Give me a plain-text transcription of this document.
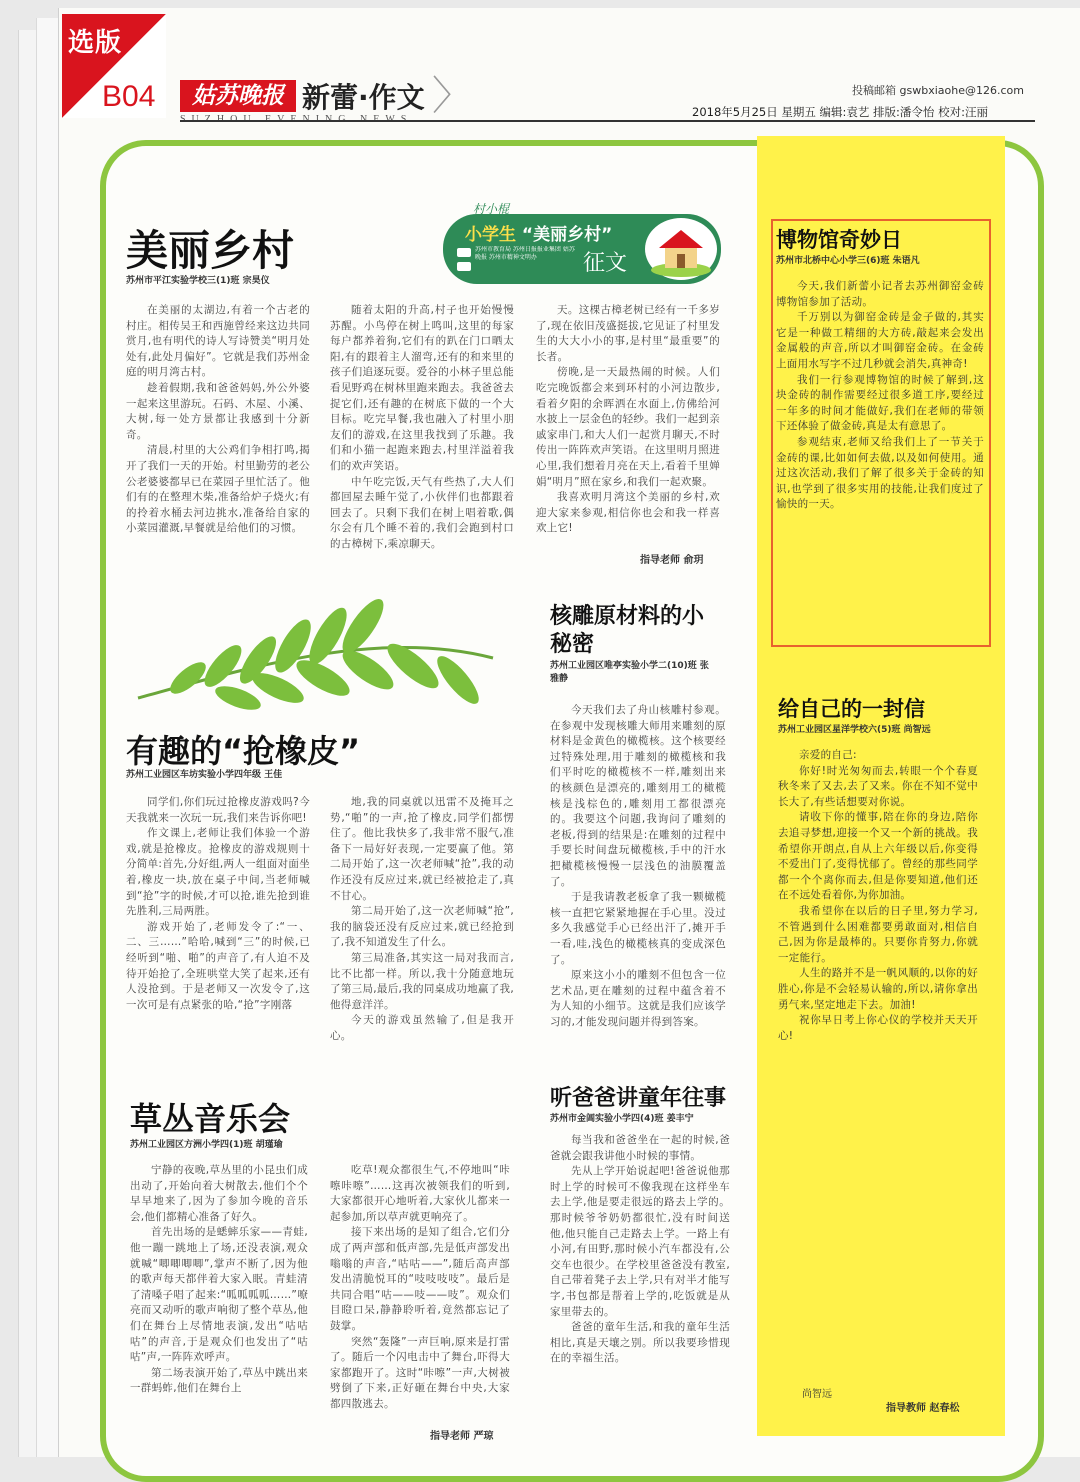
选版
B04	姑苏晚报 新蕾·作文 〉	投稿邮箱 gswbxiaohe@126.com
2018年5月25日 星期五 编辑:袁艺 排版:潘令怡 校对:汪丽
村小棍
小学生 “美丽乡村”
苏州市教育局 苏州日报报业集团 姑苏晚报 苏州市精神文明办	征文
美丽乡村
苏州市平江实验学校三(1)班 宗昊仪

在美丽的太湖边,有着一个古老的村庄。相传吴王和西施曾经来这边共同赏月,也有明代的诗人写诗赞美“明月处处有,此处月偏好”。它就是我们苏州金庭的明月湾古村。

趁着假期,我和爸爸妈妈,外公外婆一起来这里游玩。石码、木屋、小溪、大树,每一处方景都让我感到十分新奇。

清晨,村里的大公鸡们争相打鸣,揭开了我们一天的开始。村里勤劳的老公公老婆婆都早已在菜园子里忙活了。他们有的在整理木柴,准备给炉子烧火;有的拎着水桶去河边挑水,准备给自家的小菜园灌溉,早餐就是给他们的习惯。

随着太阳的升高,村子也开始慢慢苏醒。小鸟停在树上鸣叫,这里的每家每户都养着狗,它们有的趴在门口晒太阳,有的跟着主人溜弯,还有的和来里的孩子们追逐玩耍。爱谷的小林子里总能看见野鸡在树林里跑来跑去。我爸爸去捉它们,还有趣的在树底下做的一个大目标。吃完早餐,我也融入了村里小朋友们的游戏,在这里我找到了乐趣。我们和小猫一起跑来跑去,村里洋溢着我们的欢声笑语。

中午吃完饭,天气有些热了,大人们都回屋去睡午觉了,小伙伴们也都跟着回去了。只剩下我们在树上唱着歌,偶尔会有几个睡不着的,我们会跑到村口的古樟树下,乘凉聊天。

天。这棵古樟老树已经有一千多岁了,现在依旧茂盛挺拔,它见证了村里发生的大大小小的事,是村里“最重要”的长者。

傍晚,是一天最热闹的时候。人们吃完晚饭都会来到环村的小河边散步,看着夕阳的余晖洒在水面上,仿佛给河水披上一层金色的轻纱。我们一起到亲戚家串门,和大人们一起赏月聊天,不时传出一阵阵欢声笑语。在这里明月照进心里,我们想着月亮在天上,看着千里婵娟“明月”照在家乡,和我们一起欢聚。

我喜欢明月湾这个美丽的乡村,欢迎大家来参观,相信你也会和我一样喜欢上它!

指导老师 俞玥
有趣的“抢橡皮”
苏州工业园区车坊实验小学四年级 王佳

同学们,你们玩过抢橡皮游戏吗?今天我就来一次玩一玩,我们来告诉你吧!

作文课上,老师让我们体验一个游戏,就是抢橡皮。抢橡皮的游戏规则十分简单:首先,分好组,两人一组面对面坐着,橡皮一块,放在桌子中间,当老师喊到“抢”字的时候,才可以抢,谁先抢到谁先胜利,三局两胜。

游戏开始了,老师发令了:“一、二、三……”哈哈,喊到“三”的时候,已经听到“啪、啪”的声音了,有人迫不及待开始抢了,全班哄堂大笑了起来,还有人没抢到。于是老师又一次发令了,这一次可是有点紧张的哈,“抢”字刚落

地,我的同桌就以迅雷不及掩耳之势,“啪”的一声,抢了橡皮,同学们都愣住了。他比我快多了,我非常不服气,准备下一局好好表现,一定要赢了他。第二局开始了,这一次老师喊“抢”,我的动作还没有反应过来,就已经被抢走了,真不甘心。

第二局开始了,这一次老师喊“抢”,我的脑袋还没有反应过来,就已经抢到了,我不知道发生了什么。

第三局准备,其实这一局对我而言,比不比都一样。所以,我十分随意地玩了第三局,最后,我的同桌成功地赢了我,他得意洋洋。

今天的游戏虽然输了,但是我开心。

核雕原材料的小秘密
苏州工业园区唯亭实验小学二(10)班 张雅静

今天我们去了舟山核雕村参观。在参观中发现核雕大师用来雕刻的原材料是金黄色的橄榄核。这个核要经过特殊处理,用于雕刻的橄榄核和我们平时吃的橄榄核不一样,雕刻出来的核颜色是漂亮的,雕刻用工的橄榄核是浅棕色的,雕刻用工都很漂亮的。我要这个问题,我询问了雕刻的老板,得到的结果是:在雕刻的过程中手要长时间盘玩橄榄核,手中的汗水把橄榄核慢慢一层浅色的油膜覆盖了。

于是我请教老板拿了我一颗橄榄核一直把它紧紧地握在手心里。没过多久我感觉手心已经出汗了,摊开手一看,哇,浅色的橄榄核真的变成深色了。

原来这小小的雕刻不但包含一位艺术品,更在雕刻的过程中蕴含着不为人知的小细节。这就是我们应该学习的,才能发现问题并得到答案。

草丛音乐会
苏州工业园区方洲小学四(1)班 胡瑾瑜

宁静的夜晚,草丛里的小昆虫们成出动了,开始向着大树散去,他们个个早早地来了,因为了参加今晚的音乐会,他们都精心准备了好久。

首先出场的是蟋蟀乐家——青蛙,他一蹦一跳地上了场,还没表演,观众就喊“唧唧唧唧”,掌声不断了,因为他的歌声每天都伴着大家入眠。青蛙清了清嗓子唱了起来:“呱呱呱呱……”嘹亮而又动听的歌声响彻了整个草丛,他们在舞台上尽情地表演,发出“咕咕咕”的声音,于是观众们也发出了“咕咕”声,一阵阵欢呼声。

第二场表演开始了,草丛中跳出来一群蚂蚱,他们在舞台上

吃草!观众都很生气,不停地叫“咔嚓咔嚓”……这再次被领我们的听到,大家都很开心地听着,大家伙儿都来一起参加,所以草声就更响亮了。

接下来出场的是知了组合,它们分成了两声部和低声部,先是低声部发出嗡嗡的声音,“咕咕——”,随后高声部发出清脆悦耳的“吱吱吱吱”。最后是共同合唱“咕——吱——吱”。观众们目瞪口呆,静静聆听着,竟然都忘记了鼓掌。

突然“轰隆”一声巨响,原来是打雷了。随后一个闪电击中了舞台,吓得大家都跑开了。这时“咔嚓”一声,大树被劈倒了下来,正好砸在舞台中央,大家都四散逃去。

指导老师 严琼
听爸爸讲童年往事
苏州市金阊实验小学四(4)班 姜丰宁

每当我和爸爸坐在一起的时候,爸爸就会跟我讲他小时候的事情。

先从上学开始说起吧!爸爸说他那时上学的时候可不像我现在这样坐车去上学,他是要走很远的路去上学的。那时候爷爷奶奶都很忙,没有时间送他,他只能自己走路去上学。一路上有小河,有田野,那时候小汽车都没有,公交车也很少。在学校里爸爸没有教室,自己带着凳子去上学,只有对半才能写字,书包都是帮着上学的,吃饭就是从家里带去的。

爸爸的童年生活,和我的童年生活相比,真是天壤之别。所以我要珍惜现在的幸福生活。

博物馆奇妙日
苏州市北桥中心小学三(6)班 朱语凡

今天,我们新蕾小记者去苏州御窑金砖博物馆参加了活动。

千万别以为御窑金砖是金子做的,其实它是一种做工精细的大方砖,敲起来会发出金属般的声音,所以才叫御窑金砖。在金砖上面用水写字不过几秒就会消失,真神奇!

我们一行参观博物馆的时候了解到,这块金砖的制作需要经过很多道工序,要经过一年多的时间才能做好,我们在老师的带领下还体验了做金砖,真是太有意思了。

参观结束,老师又给我们上了一节关于金砖的课,比如如何去做,以及如何使用。通过这次活动,我们了解了很多关于金砖的知识,也学到了很多实用的技能,让我们度过了愉快的一天。

给自己的一封信
苏州工业园区星洋学校六(5)班 尚智远

亲爱的自己:

你好!时光匆匆而去,转眼一个个春夏秋冬来了又去,去了又来。你在不知不觉中长大了,有些话想要对你说。

请收下你的懂事,陪在你的身边,陪你去追寻梦想,迎接一个又一个新的挑战。我希望你开朗点,自从上六年级以后,你变得不爱出门了,变得忧郁了。曾经的那些同学都一个个离你而去,但是你要知道,他们还在不远处看着你,为你加油。

我希望你在以后的日子里,努力学习,不管遇到什么困难都要勇敢面对,相信自己,因为你是最棒的。只要你肯努力,你就一定能行。

人生的路并不是一帆风顺的,以你的好胜心,你是不会轻易认输的,所以,请你拿出勇气来,坚定地走下去。加油!

祝你早日考上你心仪的学校并天天开心!

尚智远
指导教师 赵春松
